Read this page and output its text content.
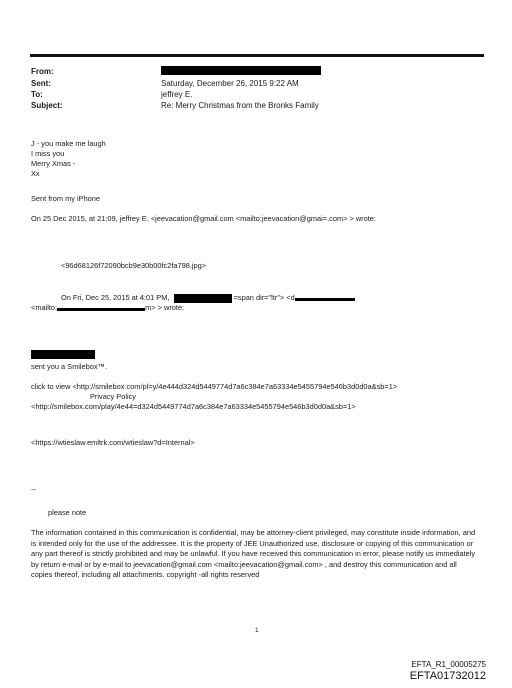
From:
Sent:	Saturday, December 26, 2015 9:22 AM
To:	jeffrey E.
Subject:	Re: Merry Christmas from the Bronks Family
J - you make me laugh
I miss you
Merry Xmas -
Xx
Sent from my iPhone
On 25 Dec 2015, at 21:09, jeffrey E. <jeevacation@gmail.com <mailto:jeevacation@gmai=.com> > wrote:
<96d68126f72090bcb9e30b00fc2fa798.jpg>
On Fri, Dec 25, 2015 at 4:01 PM,	=span dir="ltr"> <d
<mailto:	m> > wrote:
sent you a Smilebox™.
click to view <http://smilebox.com/pl=y/4e444d324d5449774d7a6c384e7a63334e5455794e546b3d0d0a&sb=1>
Privacy Policy
<http://smilebox.com/play/4e44=d324d5449774d7a6c384e7a63334e5455794e546b3d0d0a&sb=1>
<https://wtieslaw.emltrk.com/wtieslaw?d=Internal>
--
please note
The information contained in this communication is confidential, may be attorney-client privileged, may constitute inside information, and is intended only for the use of the addressee. It is the property of JEE Unauthorized use, disclosure or copying of this communication or any part thereof is strictly prohibited and may be unlawful. If you have received this communication in error, please notify us immediately by return e-mail or by e-mail to jeevacation@gmail.com <mailto:jeevacation@gmail.com> , and destroy this communication and all copies thereof, including all attachments. copyright -all rights reserved
1
EFTA_R1_00005275
EFTA01732012
